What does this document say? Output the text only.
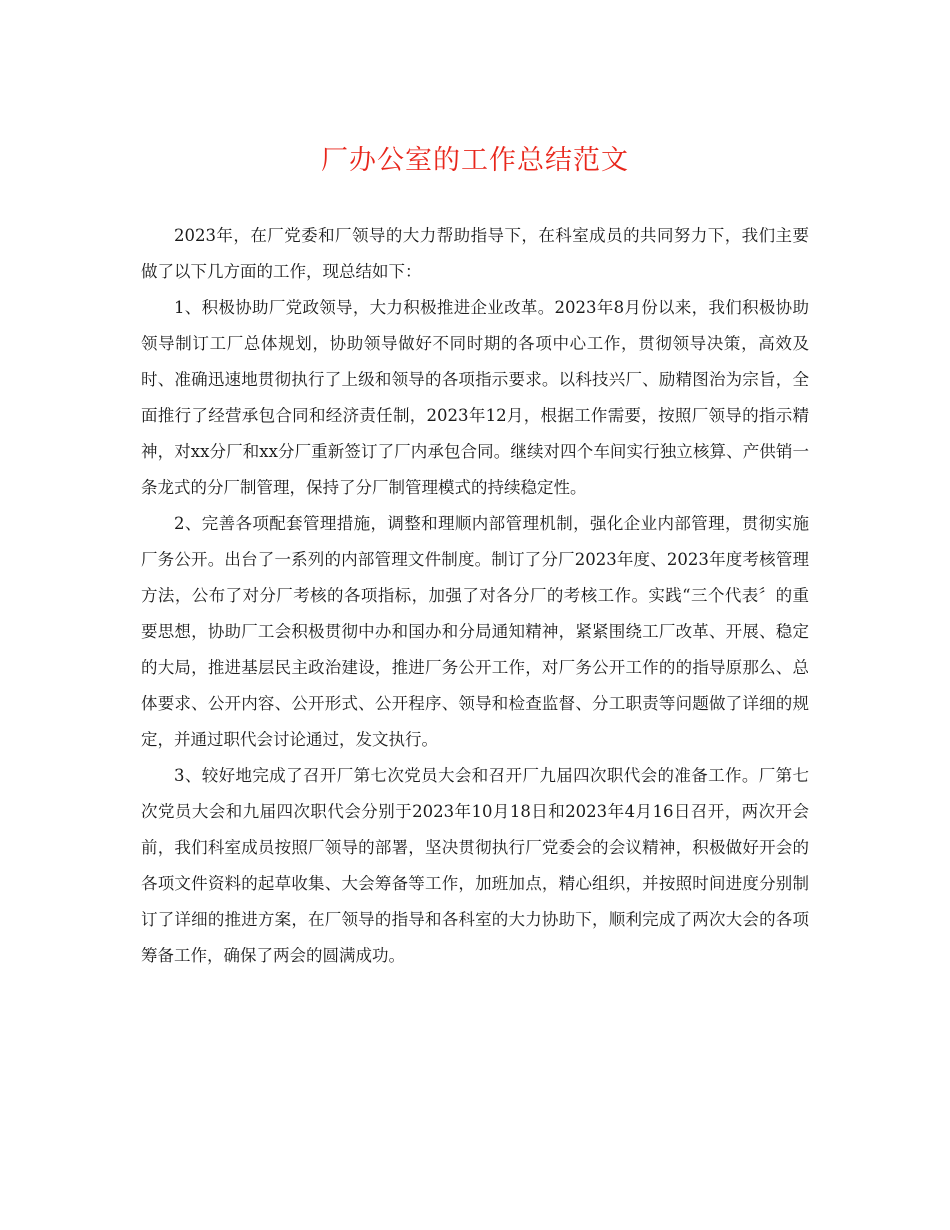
厂办公室的工作总结范文

2023年，在厂党委和厂领导的大力帮助指导下，在科室成员的共同努力下，我们主要做了以下几方面的工作，现总结如下：

1、积极协助厂党政领导，大力积极推进企业改革。2023年8月份以来，我们积极协助领导制订工厂总体规划，协助领导做好不同时期的各项中心工作，贯彻领导决策，高效及时、准确迅速地贯彻执行了上级和领导的各项指示要求。以科技兴厂、励精图治为宗旨，全面推行了经营承包合同和经济责任制，2023年12月，根据工作需要，按照厂领导的指示精神，对xx分厂和xx分厂重新签订了厂内承包合同。继续对四个车间实行独立核算、产供销一条龙式的分厂制管理，保持了分厂制管理模式的持续稳定性。

2、完善各项配套管理措施，调整和理顺内部管理机制，强化企业内部管理，贯彻实施厂务公开。出台了一系列的内部管理文件制度。制订了分厂2023年度、2023年度考核管理方法，公布了对分厂考核的各项指标，加强了对各分厂的考核工作。实践“三个代表〞的重要思想，协助厂工会积极贯彻中办和国办和分局通知精神，紧紧围绕工厂改革、开展、稳定的大局，推进基层民主政治建设，推进厂务公开工作，对厂务公开工作的的指导原那么、总体要求、公开内容、公开形式、公开程序、领导和检查监督、分工职责等问题做了详细的规定，并通过职代会讨论通过，发文执行。

3、较好地完成了召开厂第七次党员大会和召开厂九届四次职代会的准备工作。厂第七次党员大会和九届四次职代会分别于2023年10月18日和2023年4月16日召开，两次开会前，我们科室成员按照厂领导的部署，坚决贯彻执行厂党委会的会议精神，积极做好开会的各项文件资料的起草收集、大会筹备等工作，加班加点，精心组织，并按照时间进度分别制订了详细的推进方案，在厂领导的指导和各科室的大力协助下，顺利完成了两次大会的各项筹备工作，确保了两会的圆满成功。
